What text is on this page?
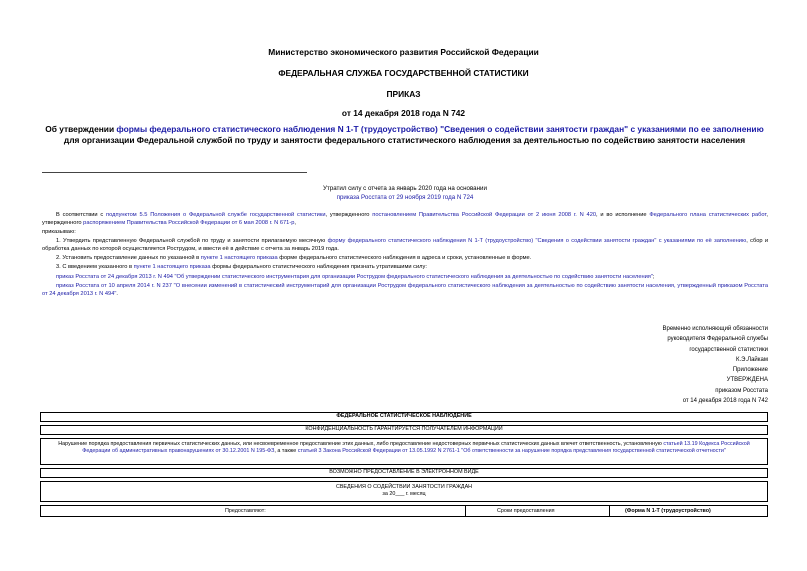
Министерство экономического развития Российской Федерации
ФЕДЕРАЛЬНАЯ СЛУЖБА ГОСУДАРСТВЕННОЙ СТАТИСТИКИ
ПРИКАЗ
от 14 декабря 2018 года N 742
Об утверждении формы федерального статистического наблюдения N 1-Т (трудоустройство) "Сведения о содействии занятости граждан" с указаниями по ее заполнению для организации Федеральной службой по труду и занятости федерального статистического наблюдения за деятельностью по содействию занятости населения
Утратил силу с отчета за январь 2020 года на основании
приказа Росстата от 29 ноября 2019 года N 724

В соответствии с подпунктом 5.5 Положения о Федеральной службе государственной статистики, утвержденного постановлением Правительства Российской Федерации от 2 июня 2008 г. N 420, и во исполнение Федерального плана статистических работ, утвержденного распоряжением Правительства Российской Федерации от 6 мая 2008 г. N 671-р,

приказываю:

1. Утвердить представленную Федеральной службой по труду и занятости прилагаемую месячную форму федерального статистического наблюдения N 1-Т (трудоустройство) "Сведения о содействии занятости граждан" с указаниями по её заполнению, сбор и обработка данных по которой осуществляется Рострудом, и ввести её в действие с отчета за январь 2019 года.

2. Установить предоставление данных по указанной в пункте 1 настоящего приказа форме федерального статистического наблюдения в адреса и сроки, установленные в форме.

3. С введением указанного в пункте 1 настоящего приказа формы федерального статистического наблюдения признать утратившими силу:

приказ Росстата от 24 декабря 2013 г. N 494 "Об утверждении статистического инструментария для организации Рострудом федерального статистического наблюдения за деятельностью по содействию занятости населения";

приказ Росстата от 10 апреля 2014 г. N 237 "О внесении изменений в статистический инструментарий для организации Рострудом федерального статистического наблюдения за деятельностью по содействию занятости населения, утвержденный приказом Росстата от 24 декабря 2013 г. N 494".

Временно исполняющий обязанности
руководителя Федеральной службы
государственной статистики
К.Э.Лайкам
Приложение
УТВЕРЖДЕНА
приказом Росстата
от 14 декабря 2018 года N 742
ФЕДЕРАЛЬНОЕ СТАТИСТИЧЕСКОЕ НАБЛЮДЕНИЕ
КОНФИДЕНЦИАЛЬНОСТЬ ГАРАНТИРУЕТСЯ ПОЛУЧАТЕЛЕМ ИНФОРМАЦИИ
Нарушение порядка предоставления первичных статистических данных, или несвоевременное предоставление этих данных, либо предоставление недостоверных первичных статистических данных влечет ответственность, установленную статьей 13.19 Кодекса Российской Федерации об административных правонарушениях от 30.12.2001 N 195-ФЗ, а также статьей 3 Закона Российской Федерации от 13.05.1992 N 2761-1 "Об ответственности за нарушение порядка представления государственной статистической отчетности"
ВОЗМОЖНО ПРЕДОСТАВЛЕНИЕ В ЭЛЕКТРОННОМ ВИДЕ
СВЕДЕНИЯ О СОДЕЙСТВИИ ЗАНЯТОСТИ ГРАЖДАН
за 20___ г. месяц
Предоставляют:	Сроки предоставления	(Форма N 1-Т (трудоустройство)
